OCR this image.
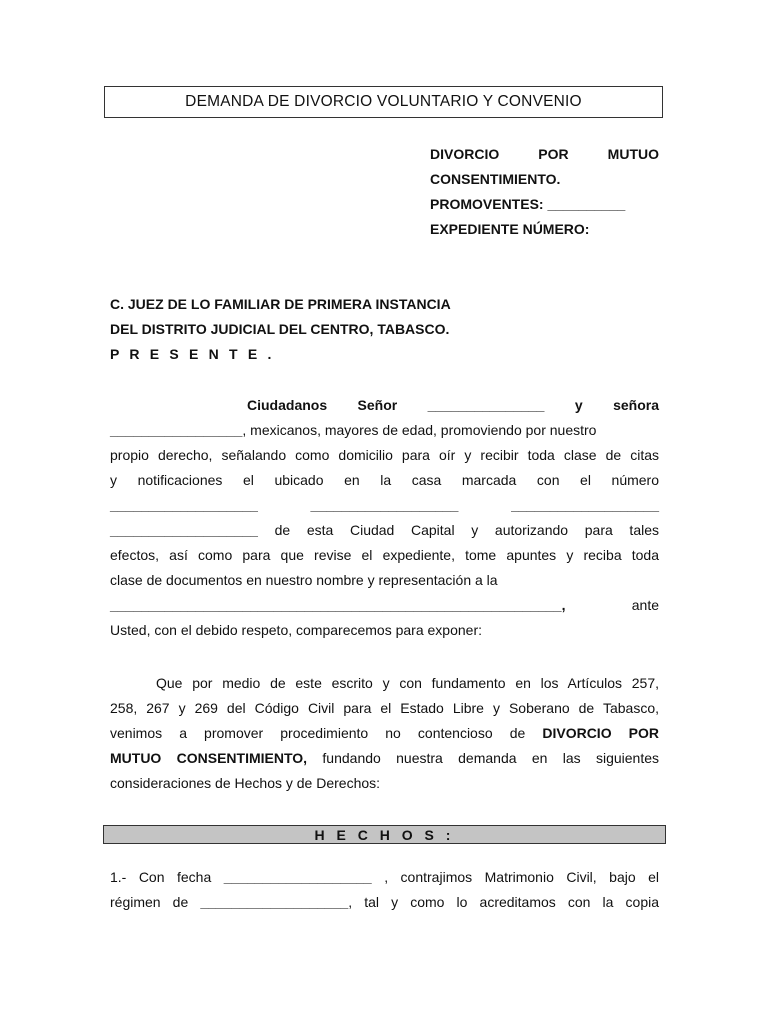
DEMANDA DE DIVORCIO VOLUNTARIO Y CONVENIO
DIVORCIO POR MUTUO
CONSENTIMIENTO.
PROMOVENTES: __________
EXPEDIENTE NÚMERO:
C. JUEZ DE LO FAMILIAR DE PRIMERA INSTANCIA
DEL DISTRITO JUDICIAL DEL CENTRO, TABASCO.
P R E S E N T E .
Ciudadanos Señor _______________ y señora
_________________, mexicanos, mayores de edad, promoviendo por nuestro
propio derecho, señalando como domicilio para oír y recibir toda clase de citas
y notificaciones el ubicado en la casa marcada con el número
___________________	___________________	___________________
___________________ de esta Ciudad Capital y autorizando para tales
efectos, así como para que revise el expediente, tome apuntes y reciba toda
clase de documentos en nuestro nombre y representación a la
__________________________________________________________,	ante
Usted, con el debido respeto, comparecemos para exponer:
Que por medio de este escrito y con fundamento en los Artículos 257,
258, 267 y 269 del Código Civil para el Estado Libre y Soberano de Tabasco,
venimos a promover procedimiento no contencioso de DIVORCIO POR
MUTUO CONSENTIMIENTO, fundando nuestra demanda en las siguientes
consideraciones de Hechos y de Derechos:
H E C H O S :
1.- Con fecha ___________________ , contrajimos Matrimonio Civil, bajo el
régimen de ___________________, tal y como lo acreditamos con la copia
